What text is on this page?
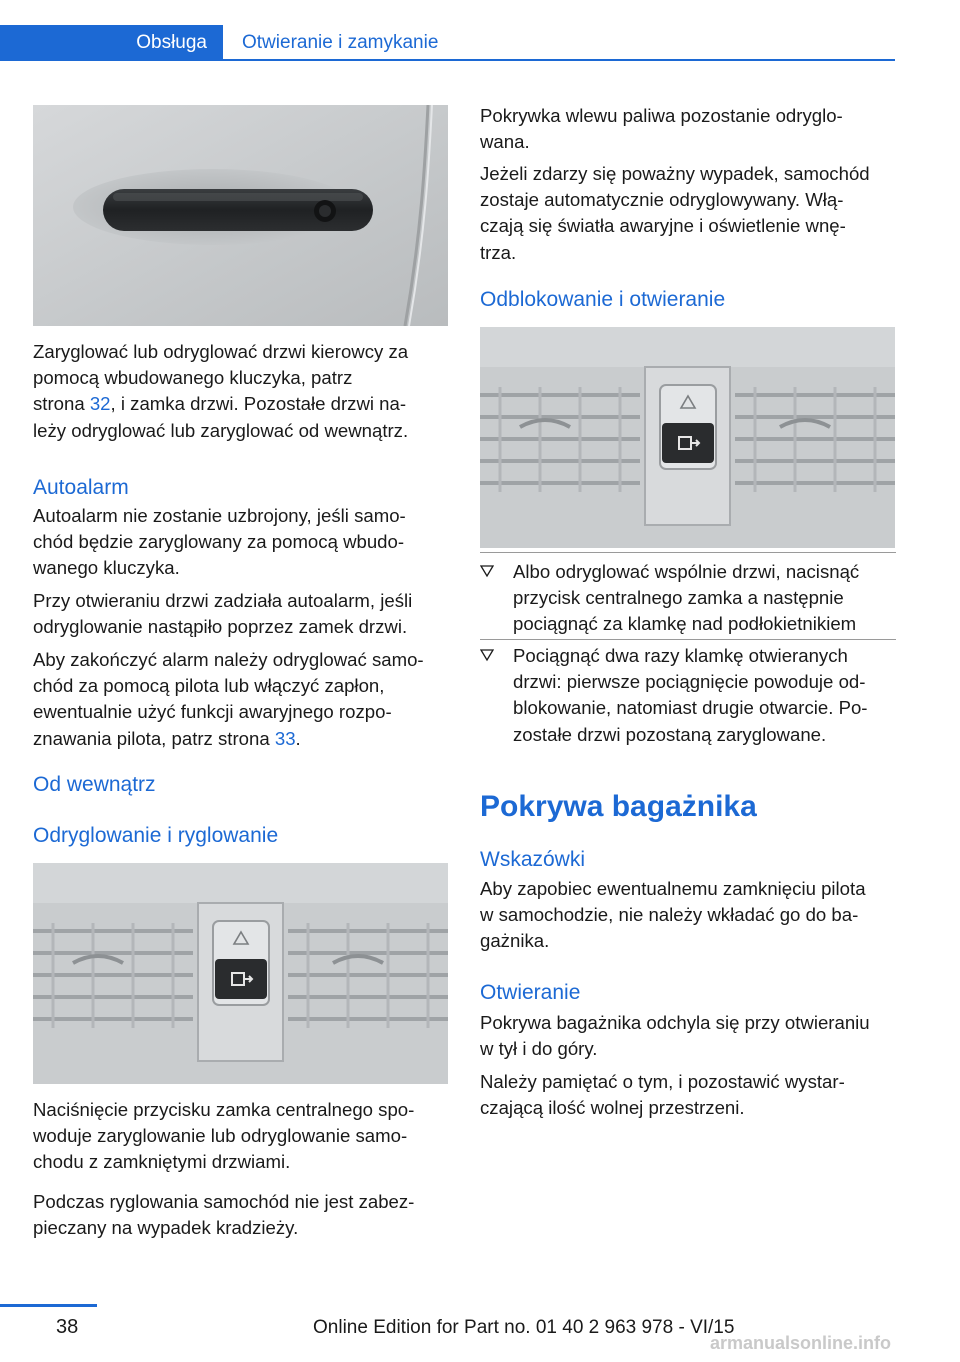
Obsługa Otwieranie i zamykanie
Zaryglować lub odryglować drzwi kierowcy za
pomocą wbudowanego kluczyka, patrz
strona 32, i zamka drzwi. Pozostałe drzwi na‐
leży odryglować lub zaryglować od wewnątrz.
Autoalarm
Autoalarm nie zostanie uzbrojony, jeśli samo‐
chód będzie zaryglowany za pomocą wbudo‐
wanego kluczyka.
Przy otwieraniu drzwi zadziała autoalarm, jeśli
odryglowanie nastąpiło poprzez zamek drzwi.
Aby zakończyć alarm należy odryglować samo‐
chód za pomocą pilota lub włączyć zapłon,
ewentualnie użyć funkcji awaryjnego rozpo‐
znawania pilota, patrz strona 33.
Od wewnątrz
Odryglowanie i ryglowanie
Naciśnięcie przycisku zamka centralnego spo‐
woduje zaryglowanie lub odryglowanie samo‐
chodu z zamkniętymi drzwiami.
Podczas ryglowania samochód nie jest zabez‐
pieczany na wypadek kradzieży.
Pokrywka wlewu paliwa pozostanie odryglo‐
wana.
Jeżeli zdarzy się poważny wypadek, samochód
zostaje automatycznie odryglowywany. Włą‐
czają się światła awaryjne i oświetlenie wnę‐
trza.
Odblokowanie i otwieranie
Albo odryglować wspólnie drzwi, nacisnąć
przycisk centralnego zamka a następnie
pociągnąć za klamkę nad podłokietnikiem
Pociągnąć dwa razy klamkę otwieranych
drzwi: pierwsze pociągnięcie powoduje od‐
blokowanie, natomiast drugie otwarcie. Po‐
zostałe drzwi pozostaną zaryglowane.
Pokrywa bagażnika
Wskazówki
Aby zapobiec ewentualnemu zamknięciu pilota
w samochodzie, nie należy wkładać go do ba‐
gażnika.
Otwieranie
Pokrywa bagażnika odchyla się przy otwieraniu
w tył i do góry.
Należy pamiętać o tym, i pozostawić wystar‐
czającą ilość wolnej przestrzeni.
38	Online Edition for Part no. 01 40 2 963 978 - VI/15
armanualsonline.info
